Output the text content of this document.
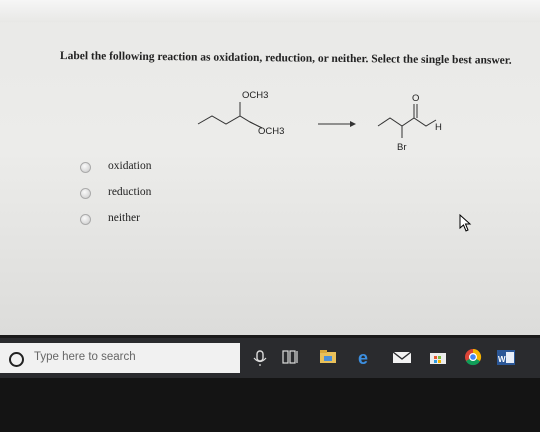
Label the following reaction as oxidation, reduction, or neither. Select the single best answer.
OCH3
OCH3
O
H
Br
oxidation
reduction
neither
Type here to search	e	W
